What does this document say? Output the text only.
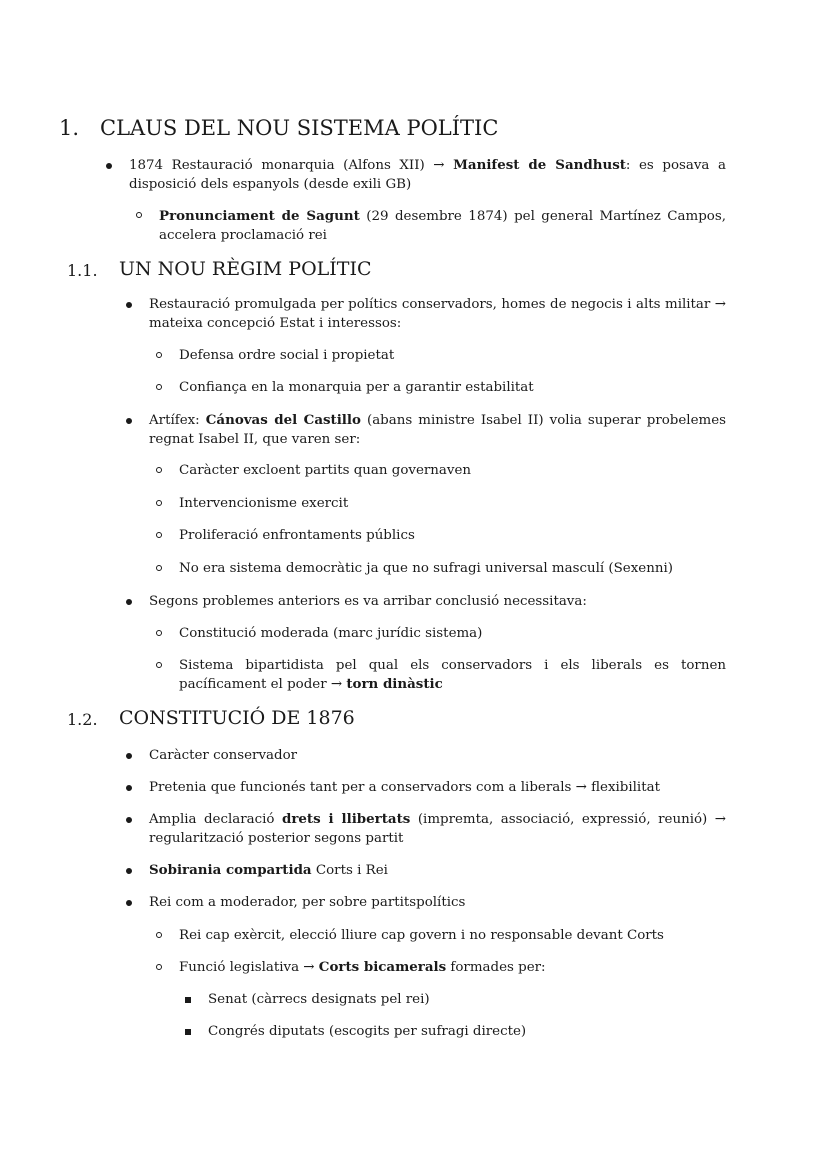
1. CLAUS DEL NOU SISTEMA POLÍTIC
1874 Restauració monarquia (Alfons XII) → Manifest de Sandhust: es posava a disposició dels espanyols (desde exili GB)
Pronunciament de Sagunt (29 desembre 1874) pel general Martínez Campos, accelera proclamació rei
1.1. UN NOU RÈGIM POLÍTIC
Restauració promulgada per polítics conservadors, homes de negocis i alts militar → mateixa concepció Estat i interessos:
Defensa ordre social i propietat
Confiança en la monarquia per a garantir estabilitat
Artífex: Cánovas del Castillo (abans ministre Isabel II) volia superar probelemes regnat Isabel II, que varen ser:
Caràcter excloent partits quan governaven
Intervencionisme exercit
Proliferació enfrontaments públics
No era sistema democràtic ja que no sufragi universal masculí (Sexenni)
Segons problemes anteriors es va arribar conclusió necessitava:
Constitució moderada (marc jurídic sistema)
Sistema bipartidista pel qual els conservadors i els liberals es tornen pacíficament el poder → torn dinàstic
1.2. CONSTITUCIÓ DE 1876
Caràcter conservador
Pretenia que funcionés tant per a conservadors com a liberals → flexibilitat
Amplia declaració drets i llibertats (impremta, associació, expressió, reunió) → regularització posterior segons partit
Sobirania compartida Corts i Rei
Rei com a moderador, per sobre partitspolítics
Rei cap exèrcit, elecció lliure cap govern i no responsable devant Corts
Funció legislativa → Corts bicamerals formades per:
Senat (càrrecs designats pel rei)
Congrés diputats (escogits per sufragi directe)
